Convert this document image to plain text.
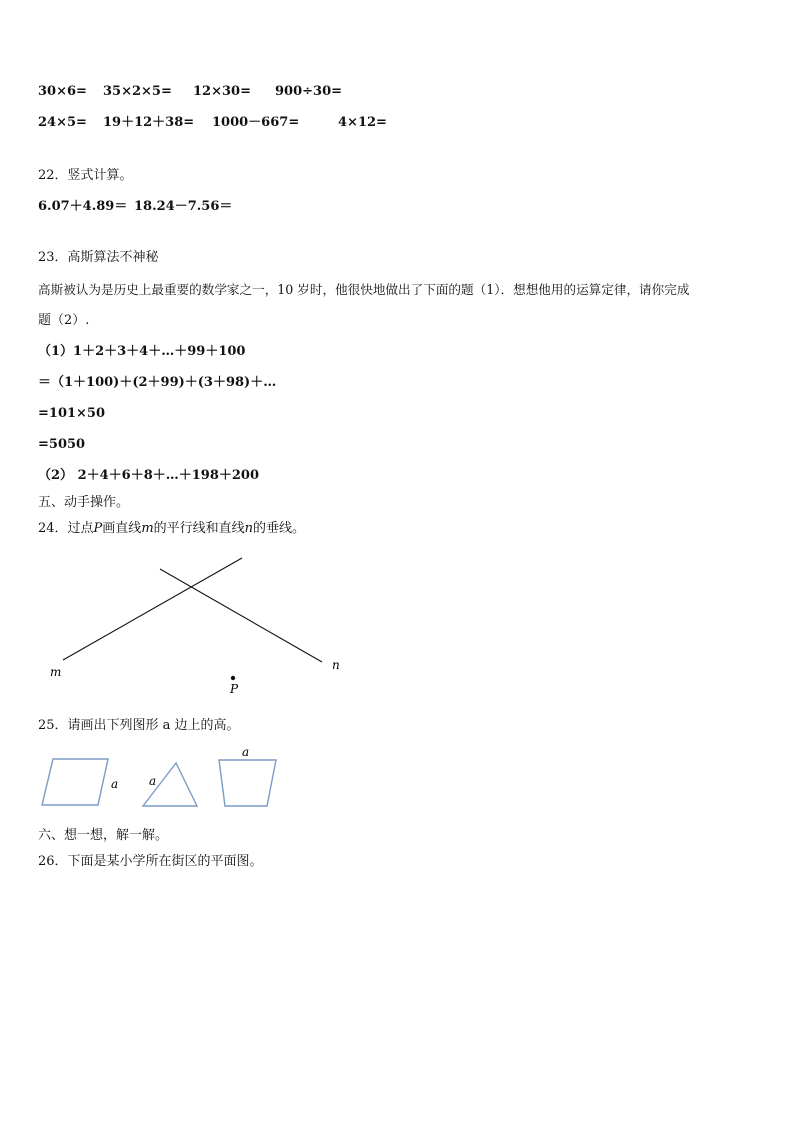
30×6= 35×2×5= 12×30= 900÷30=
24×5= 19＋12＋38= 1000－667=	4×12=
22．竖式计算。
6.07＋4.89＝ 18.24－7.56＝
23．高斯算法不神秘
高斯被认为是历史上最重要的数学家之一，10 岁时，他很快地做出了下面的题（1）．想想他用的运算定律，请你完成
题（2）.
（1）1＋2＋3＋4＋…＋99＋100
＝（1＋100)＋(2＋99)＋(3＋98)＋…
=101×50
=5050
（2） 2＋4＋6＋8＋…＋198＋200
五、动手操作。
24．过点P画直线m的平行线和直线n的垂线。
m	n
P
25．请画出下列图形 a 边上的高。
a	a
a
六、想一想，解一解。
26．下面是某小学所在街区的平面图。
